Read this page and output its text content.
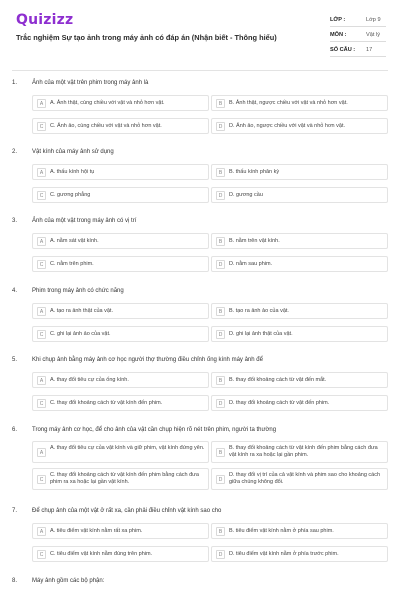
Quizizz
Trắc nghiệm Sự tạo ảnh trong máy ảnh có đáp án (Nhận biết - Thông hiểu)
LỚP :	Lớp 9
MÔN :	Vật lý
SỐ CÂU : 17
1. Ảnh của một vật trên phim trong máy ảnh là
A	A. Ảnh thật, cùng chiều với vật và nhỏ hơn vật.	B	B. Ảnh thật, ngược chiều với vật và nhỏ hơn vật.
C	C. Ảnh ảo, cùng chiều với vật và nhỏ hơn vật.	D	D. Ảnh ảo, ngược chiều với vật và nhỏ hơn vật.
2. Vật kính của máy ảnh sử dụng
A	A. thấu kính hội tụ	B	B. thấu kính phân kỳ
C	C. gương phẳng	D	D. gương cầu
3. Ảnh của một vật trong máy ảnh có vị trí
A	A. nằm sát vật kính.	B	B. nằm trên vật kính.
C	C. nằm trên phim.	D	D. nằm sau phim.
4. Phim trong máy ảnh có chức năng
A	A. tạo ra ảnh thật của vật.	B	B. tạo ra ảnh ảo của vật.
C	C. ghi lại ảnh ảo của vật.	D	D. ghi lại ảnh thật của vật.
5. Khi chụp ảnh bằng máy ảnh cơ học người thợ thường điều chỉnh ống kính máy ảnh để
A	A. thay đổi tiêu cự của ống kính.	B	B. thay đổi khoảng cách từ vật đến mắt.
C	C. thay đổi khoảng cách từ vật kính đến phim.	D	D. thay đổi khoảng cách từ vật đến phim.
6. Trong máy ảnh cơ học, để cho ảnh của vật cần chụp hiện rõ nét trên phim, người ta thường
A
A. thay đổi tiêu cự của vật kính và giữ phim, vật kính đứng yên.
B
B. thay đổi khoảng cách từ vật kính đến phim bằng cách đưa vật kính ra xa hoặc lại gần phim.
C
C. thay đổi khoảng cách từ vật kính đến phim bằng cách đưa phim ra xa hoặc lại gần vật kính.	D
D. thay đổi vị trí của cả vật kính và phim sao cho khoảng cách giữa chúng không đổi.
7. Để chụp ảnh của một vật ở rất xa, cần phải điều chỉnh vật kính sao cho
A	A. tiêu điểm vật kính nằm rất xa phim.	B	B. tiêu điểm vật kính nằm ở phía sau phim.
C	C. tiêu điểm vật kính nằm đúng trên phim.	D	D. tiêu điểm vật kính nằm ở phía trước phim.
8. Máy ảnh gồm các bộ phận:
